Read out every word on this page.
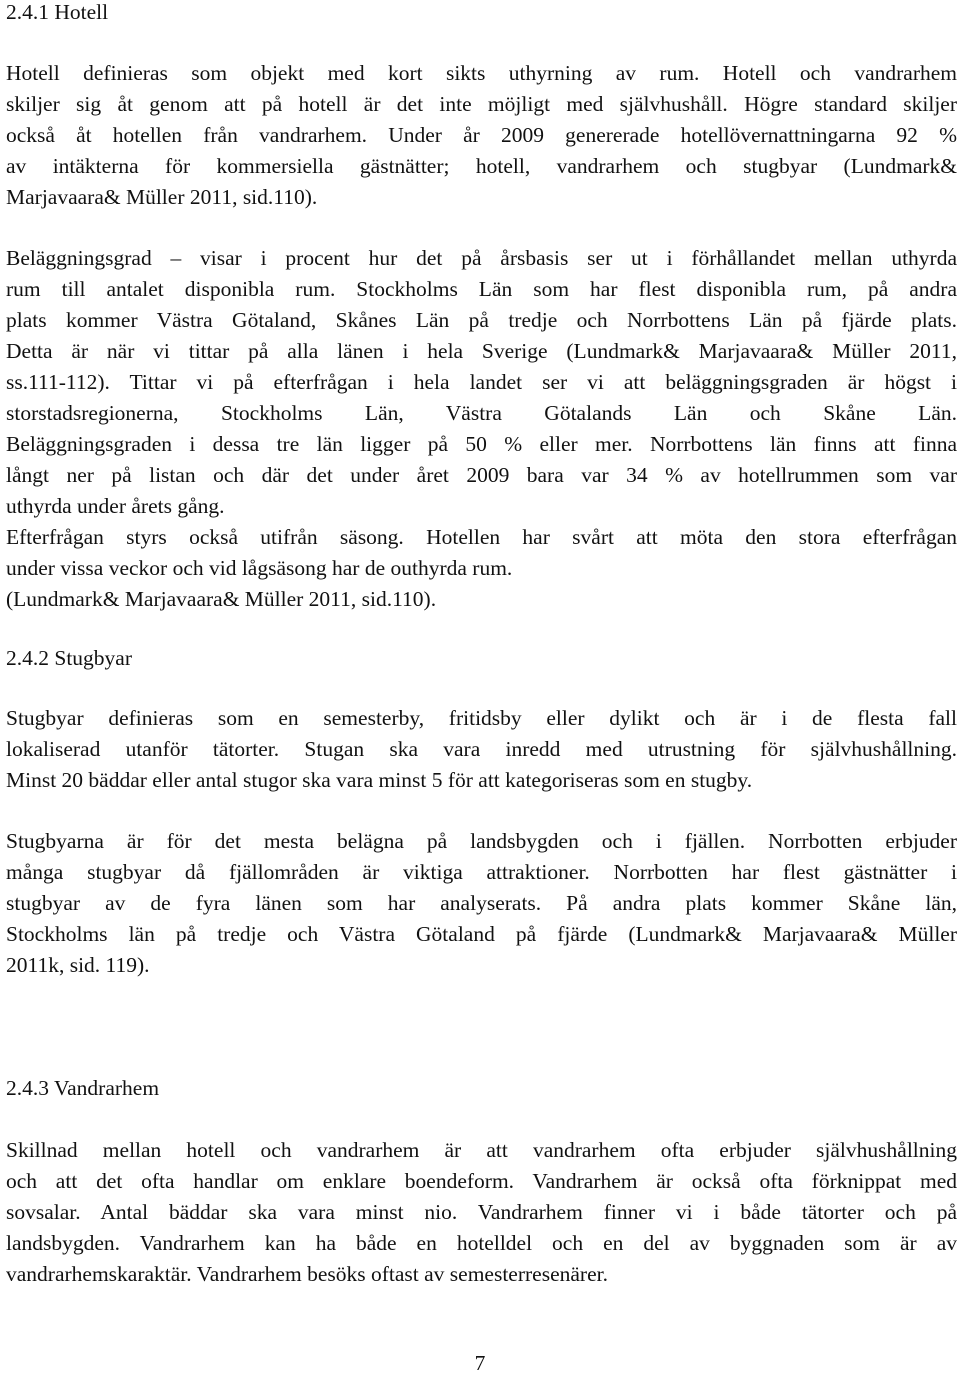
2.4.1 Hotell
Hotell definieras som objekt med kort sikts uthyrning av rum. Hotell och vandrarhem
skiljer sig åt genom att på hotell är det inte möjligt med självhushåll. Högre standard skiljer
också åt hotellen från vandrarhem. Under år 2009 genererade hotellövernattningarna 92 %
av intäkterna för kommersiella gästnätter; hotell, vandrarhem och stugbyar (Lundmark&
Marjavaara& Müller 2011, sid.110).
Beläggningsgrad – visar i procent hur det på årsbasis ser ut i förhållandet mellan uthyrda
rum till antalet disponibla rum. Stockholms Län som har flest disponibla rum, på andra
plats kommer Västra Götaland, Skånes Län på tredje och Norrbottens Län på fjärde plats.
Detta är när vi tittar på alla länen i hela Sverige (Lundmark& Marjavaara& Müller 2011,
ss.111-112). Tittar vi på efterfrågan i hela landet ser vi att beläggningsgraden är högst i
storstadsregionerna, Stockholms Län, Västra Götalands Län och Skåne Län.
Beläggningsgraden i dessa tre län ligger på 50 % eller mer. Norrbottens län finns att finna
långt ner på listan och där det under året 2009 bara var 34 % av hotellrummen som var
uthyrda under årets gång.
Efterfrågan styrs också utifrån säsong. Hotellen har svårt att möta den stora efterfrågan
under vissa veckor och vid lågsäsong har de outhyrda rum.
(Lundmark& Marjavaara& Müller 2011, sid.110).
2.4.2 Stugbyar
Stugbyar definieras som en semesterby, fritidsby eller dylikt och är i de flesta fall
lokaliserad utanför tätorter. Stugan ska vara inredd med utrustning för självhushållning.
Minst 20 bäddar eller antal stugor ska vara minst 5 för att kategoriseras som en stugby.
Stugbyarna är för det mesta belägna på landsbygden och i fjällen. Norrbotten erbjuder
många stugbyar då fjällområden är viktiga attraktioner. Norrbotten har flest gästnätter i
stugbyar av de fyra länen som har analyserats. På andra plats kommer Skåne län,
Stockholms län på tredje och Västra Götaland på fjärde (Lundmark& Marjavaara& Müller
2011k, sid. 119).
2.4.3 Vandrarhem
Skillnad mellan hotell och vandrarhem är att vandrarhem ofta erbjuder självhushållning
och att det ofta handlar om enklare boendeform. Vandrarhem är också ofta förknippat med
sovsalar. Antal bäddar ska vara minst nio. Vandrarhem finner vi i både tätorter och på
landsbygden. Vandrarhem kan ha både en hotelldel och en del av byggnaden som är av
vandrarhemskaraktär. Vandrarhem besöks oftast av semesterresenärer.
7
